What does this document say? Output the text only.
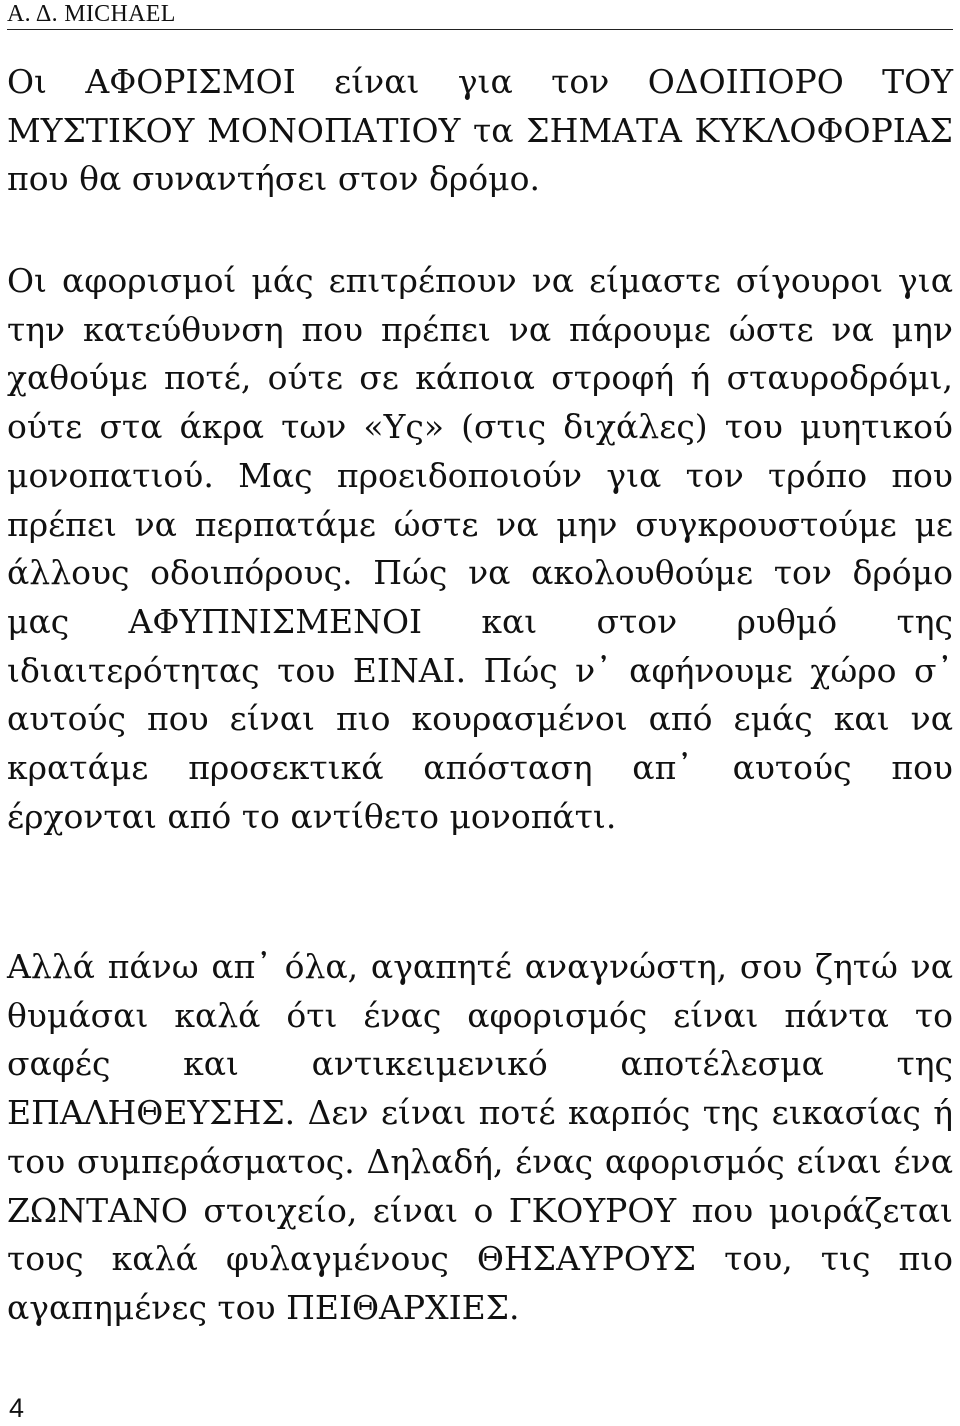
Α. Δ. MICHAEL

Οι ΑΦΟΡΙΣΜΟΙ είναι για τον ΟΔΟΙΠΟΡΟ ΤΟΥ ΜΥΣΤΙΚΟΥ ΜΟΝΟΠΑΤΙΟΥ τα ΣΗΜΑΤΑ ΚΥΚΛΟΦΟΡΙΑΣ που θα συναντήσει στον δρόμο.

Οι αφορισμοί μάς επιτρέπουν να είμαστε σίγουροι για την κατεύθυνση που πρέπει να πάρουμε ώστε να μην χαθούμε ποτέ, ούτε σε κάποια στροφή ή σταυροδρόμι, ούτε στα άκρα των «Υς» (στις διχάλες) του μυητικού μονοπατιού. Μας προειδοποιούν για τον τρόπο που πρέπει να περπατάμε ώστε να μην συγκρουστούμε με άλλους οδοιπόρους. Πώς να ακολουθούμε τον δρόμο μας ΑΦΥΠΝΙΣΜΕΝΟΙ και στον ρυθμό της ιδιαιτερότητας του ΕΙΝΑΙ. Πώς ν᾽ αφήνουμε χώρο σ᾽ αυτούς που είναι πιο κουρασμένοι από εμάς και να κρατάμε προσεκτικά απόσταση απ᾽ αυτούς που έρχονται από το αντίθετο μονοπάτι.

Αλλά πάνω απ᾽ όλα, αγαπητέ αναγνώστη, σου ζητώ να θυμάσαι καλά ότι ένας αφορισμός είναι πάντα το σαφές και αντικειμενικό αποτέλεσμα της ΕΠΑΛΗΘΕΥΣΗΣ. Δεν είναι ποτέ καρπός της εικασίας ή του συμπεράσματος. Δηλαδή, ένας αφορισμός είναι ένα ΖΩΝΤΑΝΟ στοιχείο, είναι ο ΓΚΟΥΡΟΥ που μοιράζεται τους καλά φυλαγμένους ΘΗΣΑΥΡΟΥΣ του, τις πιο αγαπημένες του ΠΕΙΘΑΡΧΙΕΣ.

4
